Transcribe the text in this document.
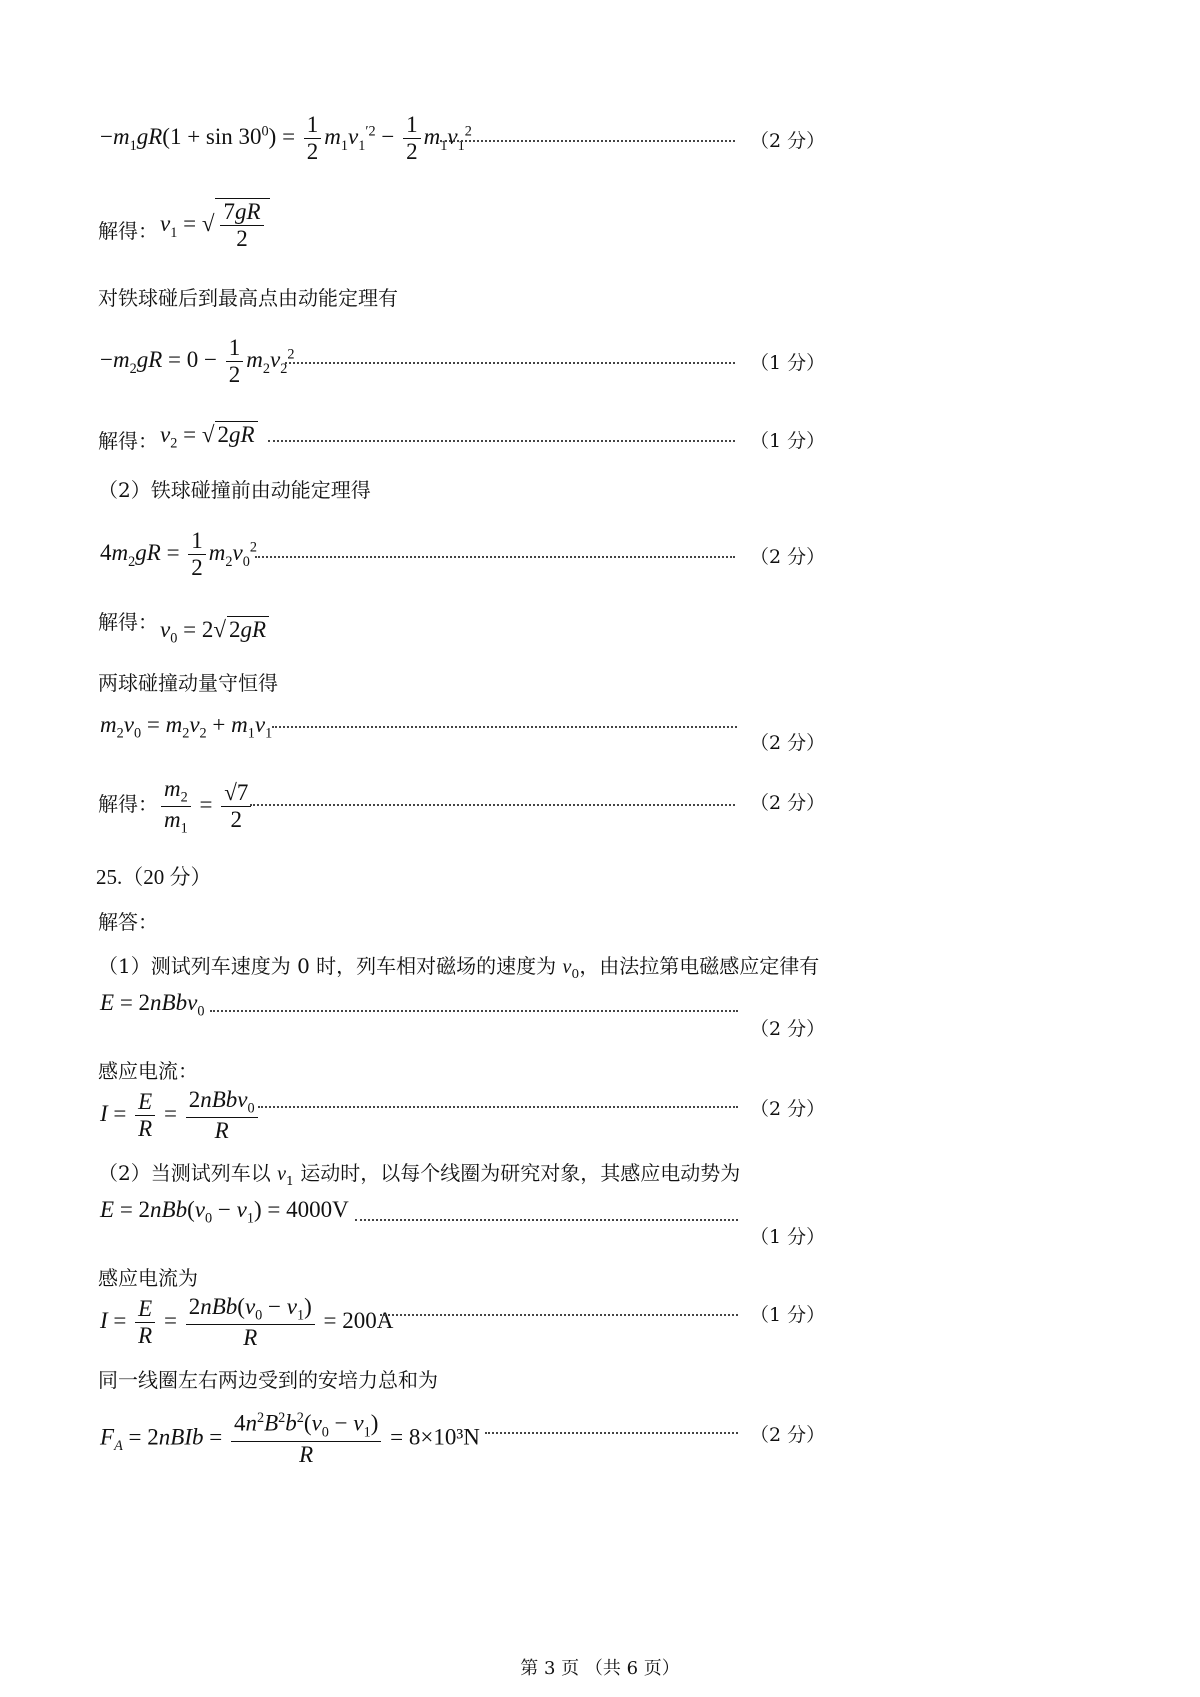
$-m_1gR(1 + \sin 30^0) = \frac{1}{2} m_1v_1^{'2} - \frac{1}{2} m_1v_1^2$	（2 分）
解得： $v_1$ = √ $\frac{7gR}{2}$
对铁球碰后到最高点由动能定理有
$-m_2gR = 0 - \frac{1}{2} m_2v_2^2$	（1 分）
解得： $v_2$ = √ 2gR	（1 分）
（2）铁球碰撞前由动能定理得
$4m_2gR = \frac{1}{2} m_2v_0^2$	（2 分）
解得： $v_0 = 2√$ 2gR
两球碰撞动量守恒得
$m_2v_0 = m_2v_2 + m_1v_1$	（2 分）
解得： $\frac{m_2}{m_1} = \frac{√7}{2}$	（2 分）
25.（20 分）
解答：
（1）测试列车速度为 0 时，列车相对磁场的速度为 $v_0$，由法拉第电磁感应定律有
E = 2nBbv$_0$
（2 分）
感应电流：
$I = \frac{E}{R} = \frac{2nBbv_0}{R}$	（2 分）
（2）当测试列车以 $v_1$ 运动时，以每个线圈为研究对象，其感应电动势为
$E = 2nBb(v_0 - v_1) = 4000V$
（1 分）
感应电流为
$I = \frac{E}{R} = \frac{2nBb(v_0 - v_1)}{R} = 200A$	（1 分）
同一线圈左右两边受到的安培力总和为
$F_A$ = 2nBIb = $\frac{4n^2B^2b^2(v_0 - v_1)}{R} = 8\times 10^3N$	（2 分）
第 3 页 （共 6 页）
